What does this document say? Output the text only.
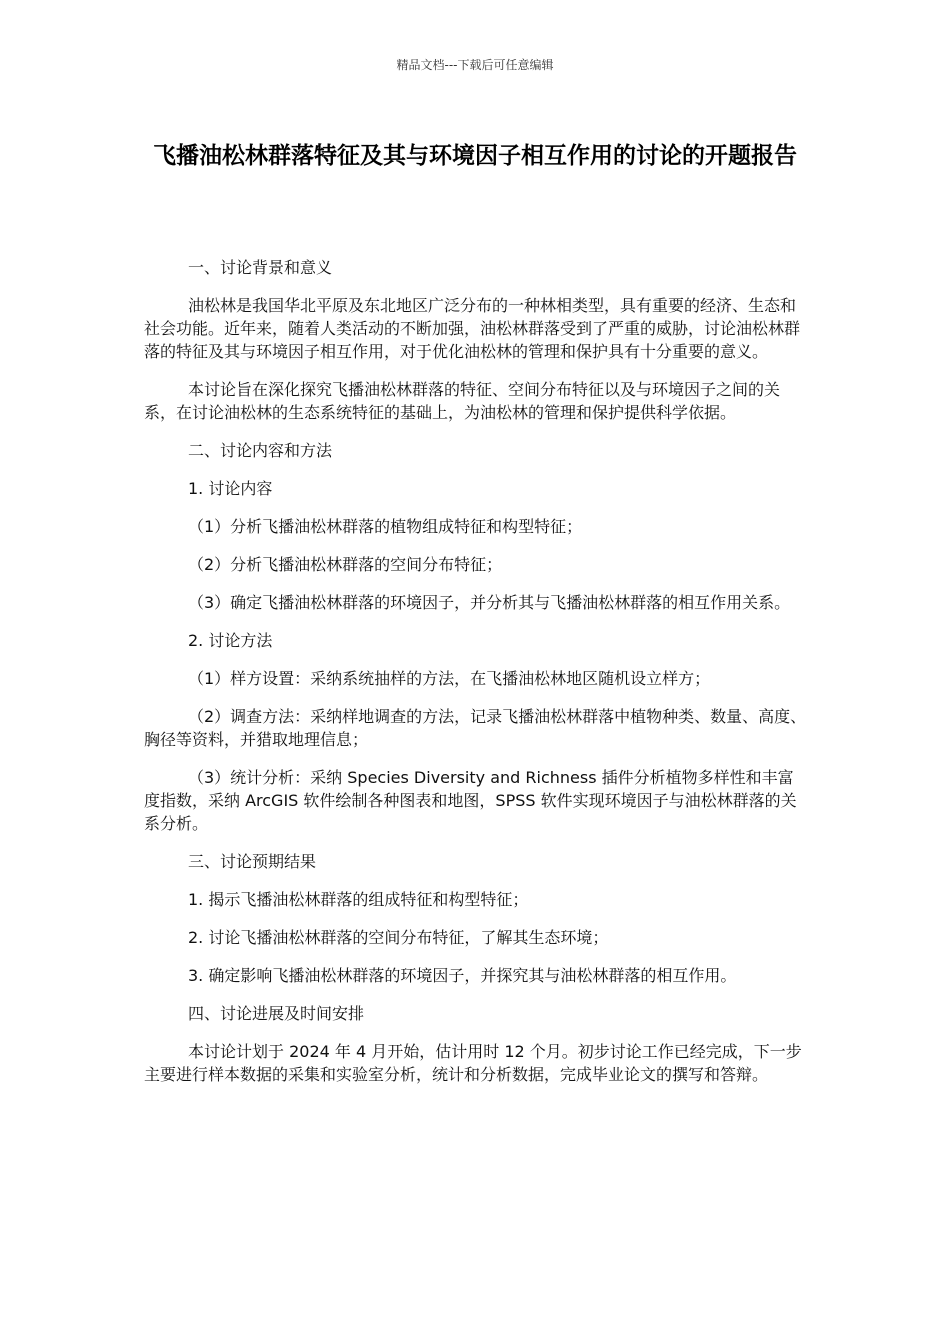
精品文档---下载后可任意编辑
飞播油松林群落特征及其与环境因子相互作用的讨论的开题报告

一、讨论背景和意义

油松林是我国华北平原及东北地区广泛分布的一种林相类型，具有重要的经济、生态和社会功能。近年来，随着人类活动的不断加强，油松林群落受到了严重的威胁，讨论油松林群落的特征及其与环境因子相互作用，对于优化油松林的管理和保护具有十分重要的意义。

本讨论旨在深化探究飞播油松林群落的特征、空间分布特征以及与环境因子之间的关系，在讨论油松林的生态系统特征的基础上，为油松林的管理和保护提供科学依据。

二、讨论内容和方法

1. 讨论内容

（1）分析飞播油松林群落的植物组成特征和构型特征；

（2）分析飞播油松林群落的空间分布特征；

（3）确定飞播油松林群落的环境因子，并分析其与飞播油松林群落的相互作用关系。

2. 讨论方法

（1）样方设置：采纳系统抽样的方法，在飞播油松林地区随机设立样方；

（2）调查方法：采纳样地调查的方法，记录飞播油松林群落中植物种类、数量、高度、胸径等资料，并猎取地理信息；

（3）统计分析：采纳 Species Diversity and Richness 插件分析植物多样性和丰富度指数，采纳 ArcGIS 软件绘制各种图表和地图，SPSS 软件实现环境因子与油松林群落的关系分析。

三、讨论预期结果

1. 揭示飞播油松林群落的组成特征和构型特征；

2. 讨论飞播油松林群落的空间分布特征，了解其生态环境；

3. 确定影响飞播油松林群落的环境因子，并探究其与油松林群落的相互作用。

四、讨论进展及时间安排

本讨论计划于 2024 年 4 月开始，估计用时 12 个月。初步讨论工作已经完成，下一步主要进行样本数据的采集和实验室分析，统计和分析数据，完成毕业论文的撰写和答辩。
